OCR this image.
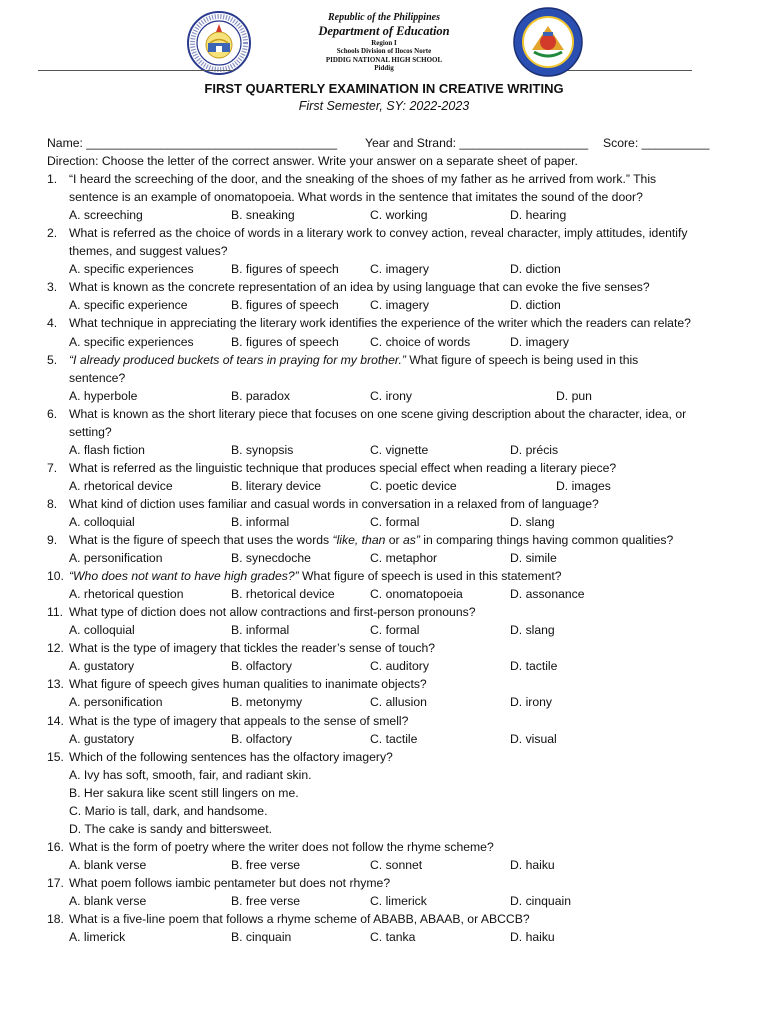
Republic of the Philippines
Department of Education
Region I
Schools Division of Ilocos Norte
PIDDIG NATIONAL HIGH SCHOOL
Piddig
FIRST QUARTERLY EXAMINATION IN CREATIVE WRITING
First Semester, SY: 2022-2023
Name: _____________________________________ Year and Strand: ___________________ Score: __________
Direction: Choose the letter of the correct answer. Write your answer on a separate sheet of paper.
1. “I heard the screeching of the door, and the sneaking of the shoes of my father as he arrived from work.” This
sentence is an example of onomatopoeia. What words in the sentence that imitates the sound of the door?
A. screeching	B. sneaking	C. working	D. hearing
2. What is referred as the choice of words in a literary work to convey action, reveal character, imply attitudes, identify
themes, and suggest values?
A. specific experiences	B. figures of speech	C. imagery	D. diction
3. What is known as the concrete representation of an idea by using language that can evoke the five senses?
A. specific experience	B. figures of speech	C. imagery	D. diction
4. What technique in appreciating the literary work identifies the experience of the writer which the readers can relate?
A. specific experiences	B. figures of speech	C. choice of words	D. imagery
5. “I already produced buckets of tears in praying for my brother.” What figure of speech is being used in this
sentence?
A. hyperbole	B. paradox	C. irony	D. pun
6. What is known as the short literary piece that focuses on one scene giving description about the character, idea, or
setting?
A. flash fiction	B. synopsis	C. vignette	D. précis
7. What is referred as the linguistic technique that produces special effect when reading a literary piece?
A. rhetorical device	B. literary device	C. poetic device	D. images
8. What kind of diction uses familiar and casual words in conversation in a relaxed from of language?
A. colloquial	B. informal	C. formal	D. slang
9. What is the figure of speech that uses the words “like, than or as” in comparing things having common qualities?
A. personification	B. synecdoche	C. metaphor	D. simile
10. “Who does not want to have high grades?” What figure of speech is used in this statement?
A. rhetorical question	B. rhetorical device	C. onomatopoeia	D. assonance
11. What type of diction does not allow contractions and first-person pronouns?
A. colloquial	B. informal	C. formal	D. slang
12. What is the type of imagery that tickles the reader’s sense of touch?
A. gustatory	B. olfactory	C. auditory	D. tactile
13. What figure of speech gives human qualities to inanimate objects?
A. personification	B. metonymy	C. allusion	D. irony
14. What is the type of imagery that appeals to the sense of smell?
A. gustatory	B. olfactory	C. tactile	D. visual
15. Which of the following sentences has the olfactory imagery?
A. Ivy has soft, smooth, fair, and radiant skin.
B. Her sakura like scent still lingers on me.
C. Mario is tall, dark, and handsome.
D. The cake is sandy and bittersweet.
16. What is the form of poetry where the writer does not follow the rhyme scheme?
A. blank verse	B. free verse	C. sonnet	D. haiku
17. What poem follows iambic pentameter but does not rhyme?
A. blank verse	B. free verse	C. limerick	D. cinquain
18. What is a five-line poem that follows a rhyme scheme of ABABB, ABAAB, or ABCCB?
A. limerick	B. cinquain	C. tanka	D. haiku
